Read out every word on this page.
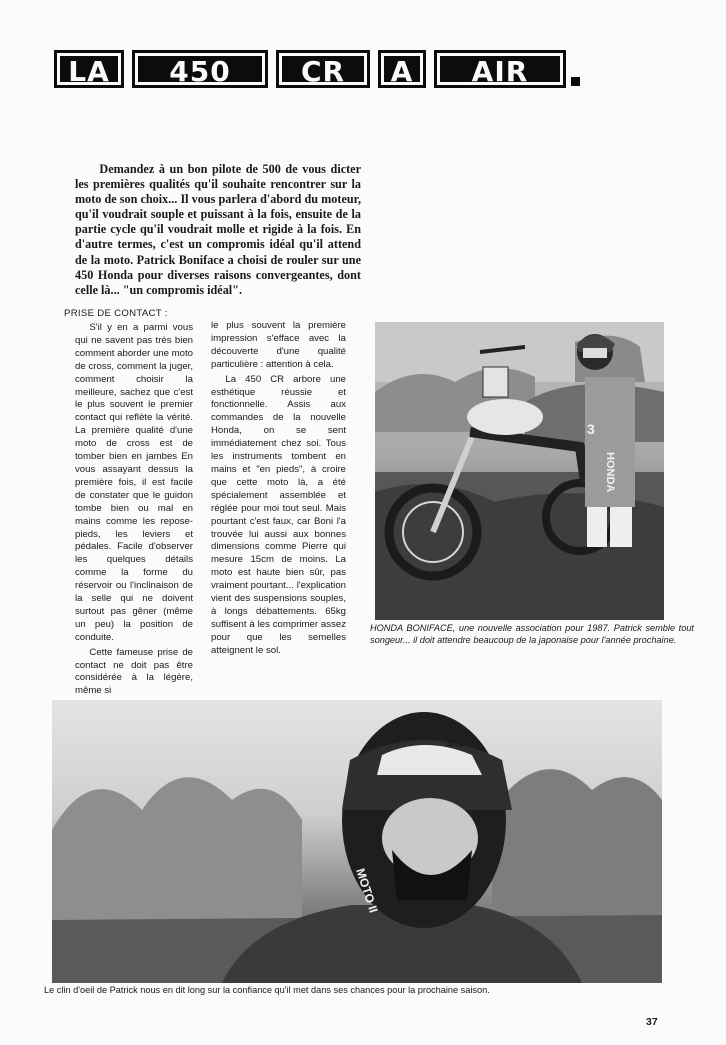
LA	450	CR	A	AIR

Demandez à un bon pilote de 500 de vous dicter les premières qualités qu'il souhaite rencontrer sur la moto de son choix... Il vous parlera d'abord du moteur, qu'il voudrait souple et puissant à la fois, ensuite de la partie cycle qu'il voudrait molle et rigide à la fois. En d'autre termes, c'est un compromis idéal qu'il attend de la moto. Patrick Boniface a choisi de rouler sur une 450 Honda pour diverses raisons convergeantes, dont celle là... "un compromis idéal".

PRISE DE CONTACT :

S'il y en a parmi vous qui ne savent pas très bien comment aborder une moto de cross, comment la juger, comment choisir la meilleure, sachez que c'est le plus souvent le premier contact qui reflète la vérité. La première qualité d'une moto de cross est de tomber bien en jambes En vous assayant dessus la première fois, il est facile de constater que le guidon tombe bien ou mal en mains comme les repose-pieds, les leviers et pédales. Facile d'observer les quelques détails comme la forme du réservoir ou l'inclinaison de la selle qui ne doivent surtout pas gêner (même un peu) la position de conduite.

Cette fameuse prise de contact ne doit pas être considérée à la légère, même si

le plus souvent la première impression s'efface avec la découverte d'une qualité particulière : attention à cela.

La 450 CR arbore une esthétique réussie et fonctionnelle. Assis aux commandes de la nouvelle Honda, on se sent immédiatement chez soi. Tous les instruments tombent en mains et "en pieds", à croire que cette moto là, a été spécialement assemblée et réglée pour moi tout seul. Mais pourtant c'est faux, car Boni l'a trouvée lui aussi aux bonnes dimensions comme Pierre qui mesure 15cm de moins. La moto est haute bien sûr, pas vraiment pourtant... l'explication vient des suspensions souples, à longs débattements. 65kg suffisent à les comprimer assez pour que les semelles atteignent le sol.

HONDA
3
HONDA BONIFACE, une nouvelle association pour 1987. Patrick semble tout songeur... il doit attendre beaucoup de la japonaise pour l'année prochaine.
BELL
MOTO II
Le clin d'oeil de Patrick nous en dit long sur la confiance qu'il met dans ses chances pour la prochaine saison.
37
